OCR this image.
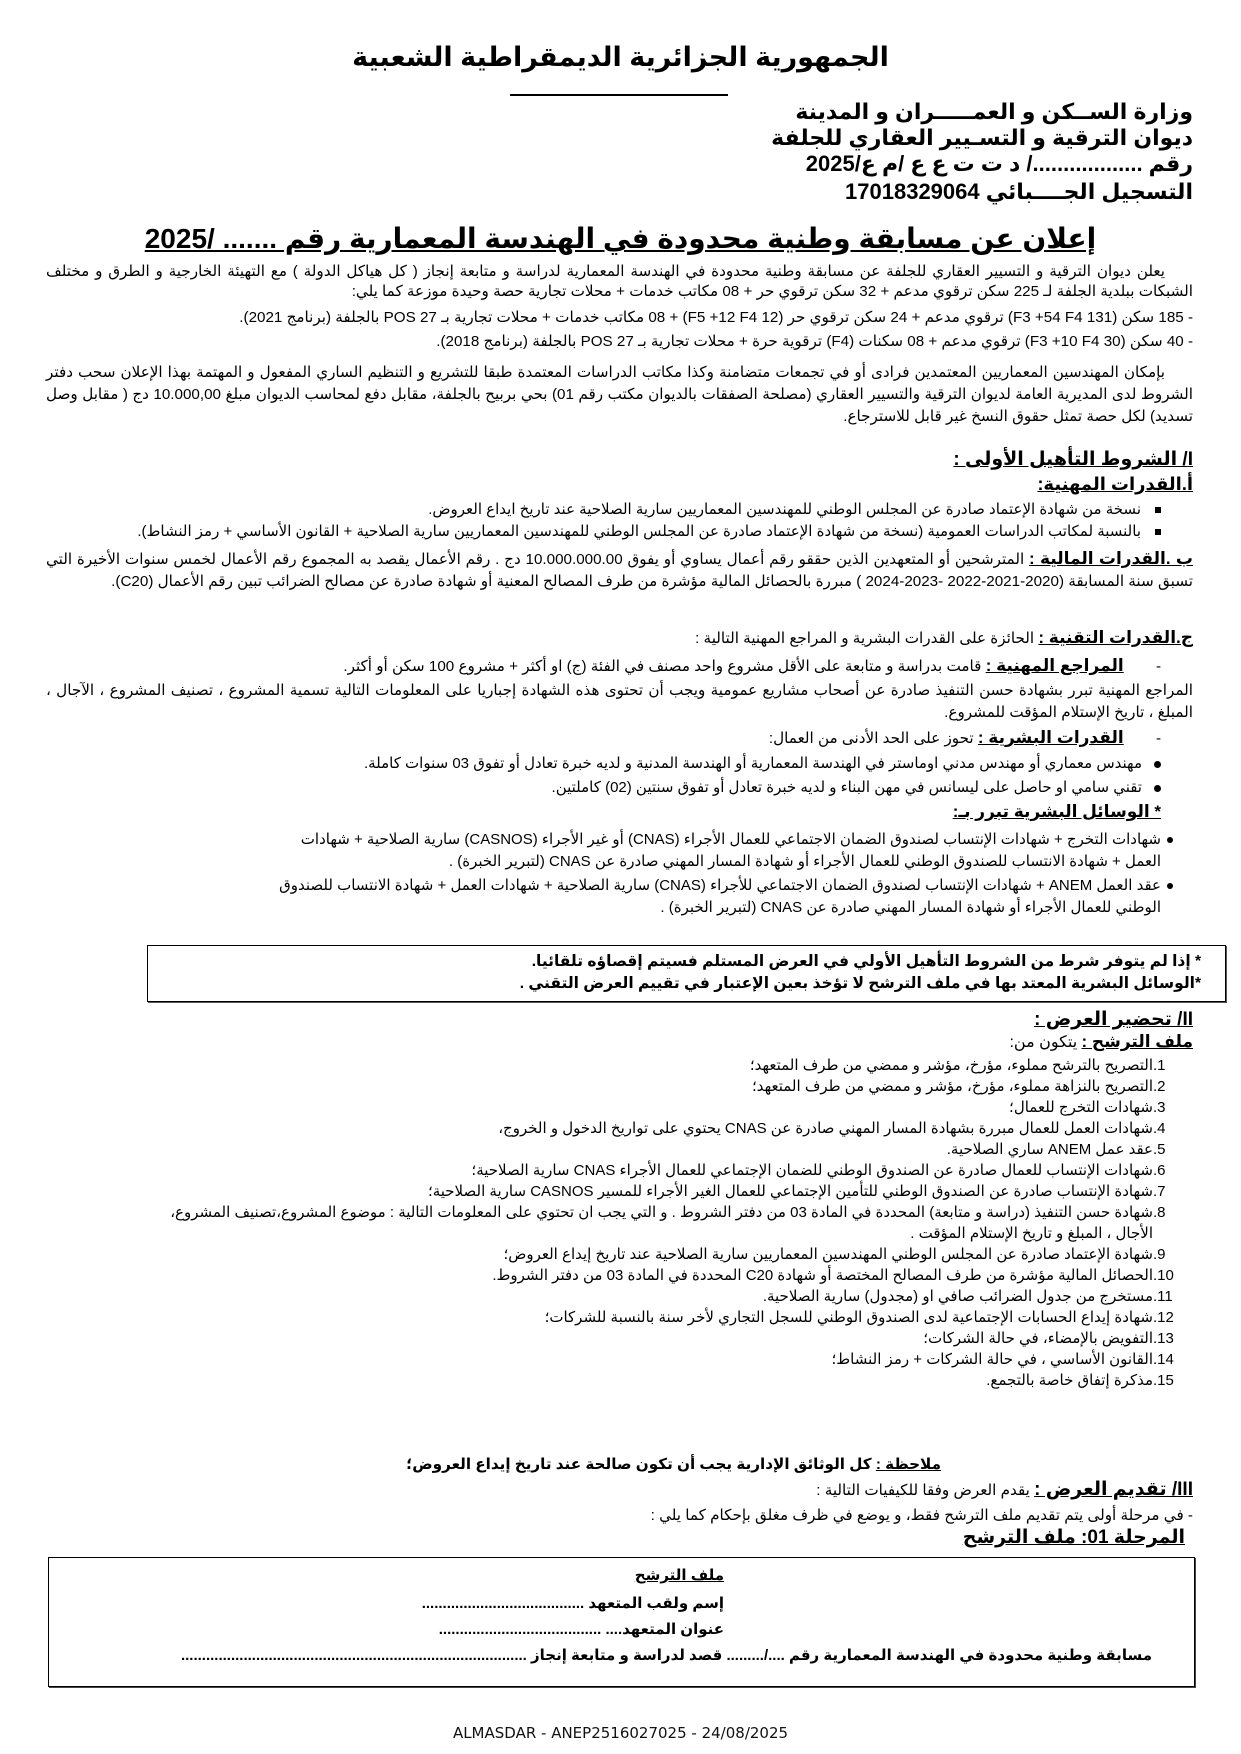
الجمهورية الجزائرية الديمقراطية الشعبية
وزارة الســكن و العمـــــران و المدينة
ديوان الترقية و التسـيير العقاري للجلفة
رقم ................../ د ت ت ع ع /م ع/2025
التسجيل الجــــبائي 17018329064
إعلان عن مسابقة وطنية محدودة في الهندسة المعمارية رقم ....... /2025
يعلن ديوان الترقية و التسيير العقاري للجلفة عن مسابقة وطنية محدودة في الهندسة المعمارية لدراسة و متابعة إنجاز ( كل هياكل الدولة ) مع التهيئة الخارجية و الطرق و مختلف الشبكات ببلدية الجلفة لـ 225 سكن ترقوي مدعم + 32 سكن ترقوي حر + 08 مكاتب خدمات + محلات تجارية حصة وحيدة موزعة كما يلي:
- 185 سكن (131 F3 +54 F4) ترقوي مدعم + 24 سكن ترقوي حر (12 F5 +12 F4) + 08 مكاتب خدمات + محلات تجارية بـ 27 POS بالجلفة (برنامج 2021).
- 40 سكن (30 F3 +10 F4) ترقوي مدعم + 08 سكنات (F4) ترقوية حرة + محلات تجارية بـ 27 POS بالجلفة (برنامج 2018).
بإمكان المهندسين المعماريين المعتمدين فرادى أو في تجمعات متضامنة وكذا مكاتب الدراسات المعتمدة طبقا للتشريع و التنظيم الساري المفعول و المهتمة بهذا الإعلان سحب دفتر الشروط لدى المديرية العامة لديوان الترقية والتسيير العقاري (مصلحة الصفقات بالديوان مكتب رقم 01) بحي بربيح بالجلفة، مقابل دفع لمحاسب الديوان مبلغ 10.000,00 دج ( مقابل وصل تسديد) لكل حصة تمثل حقوق النسخ غير قابل للاسترجاع.
I/ الشروط التأهيل الأولى :
أ.القدرات المهنية:
نسخة من شهادة الإعتماد صادرة عن المجلس الوطني للمهندسين المعماريين سارية الصلاحية عند تاريخ ايداع العروض.
بالنسبة لمكاتب الدراسات العمومية (نسخة من شهادة الإعتماد صادرة عن المجلس الوطني للمهندسين المعماريين سارية الصلاحية + القانون الأساسي + رمز النشاط).
ب .القدرات المالية : المترشحين أو المتعهدين الذين حققو رقم أعمال يساوي أو يفوق 10.000.000.00 دج . رقم الأعمال يقصد به المجموع رقم الأعمال لخمس سنوات الأخيرة التي تسبق سنة المسابقة (2020-2021-2022 -2023-2024 ) مبررة بالحصائل المالية مؤشرة من طرف المصالح المعنية أو شهادة صادرة عن مصالح الضرائب تبين رقم الأعمال (C20).
ج.القدرات التقنية : الحائزة على القدرات البشرية و المراجع المهنية التالية :
- المراجع المهنية : قامت بدراسة و متابعة على الأقل مشروع واحد مصنف في الفئة (ج) او أكثر + مشروع 100 سكن أو أكثر.
المراجع المهنية تبرر بشهادة حسن التنفيذ صادرة عن أصحاب مشاريع عمومية ويجب أن تحتوى هذه الشهادة إجباريا على المعلومات التالية تسمية المشروع ، تصنيف المشروع ، الآجال ، المبلغ ، تاريخ الإستلام المؤقت للمشروع.
- القدرات البشرية : تحوز على الحد الأدنى من العمال:
مهندس معماري أو مهندس مدني اوماستر في الهندسة المعمارية أو الهندسة المدنية و لديه خبرة تعادل أو تفوق 03 سنوات كاملة.
تقني سامي او حاصل على ليسانس في مهن البناء و لديه خبرة تعادل أو تفوق سنتين (02) كاملتين.
* الوسائل البشرية تبرر بـ:
شهادات التخرج + شهادات الإنتساب لصندوق الضمان الاجتماعي للعمال الأجراء (CNAS) أو غير الأجراء (CASNOS) سارية الصلاحية + شهادات
العمل + شهادة الانتساب للصندوق الوطني للعمال الأجراء أو شهادة المسار المهني صادرة عن CNAS (لتبرير الخبرة) .
عقد العمل ANEM + شهادات الإنتساب لصندوق الضمان الاجتماعي للأجراء (CNAS) سارية الصلاحية + شهادات العمل + شهادة الانتساب للصندوق
الوطني للعمال الأجراء أو شهادة المسار المهني صادرة عن CNAS (لتبرير الخبرة) .
* إذا لم يتوفر شرط من الشروط التأهيل الأولي في العرض المستلم فسيتم إقصاؤه تلقائيا.
*الوسائل البشرية المعتد بها في ملف الترشح لا تؤخذ بعين الإعتبار في تقييم العرض التقني .
II/ تحضير العرض :
ملف الترشح : يتكون من:
1.التصريح بالترشح مملوء، مؤرخ، مؤشر و ممضي من طرف المتعهد؛
2.التصريح بالنزاهة مملوء، مؤرخ، مؤشر و ممضي من طرف المتعهد؛
3.شهادات التخرج للعمال؛
4.شهادات العمل للعمال مبررة بشهادة المسار المهني صادرة عن CNAS يحتوي على تواريخ الدخول و الخروج،
5.عقد عمل ANEM ساري الصلاحية.
6.شهادات الإنتساب للعمال صادرة عن الصندوق الوطني للضمان الإجتماعي للعمال الأجراء CNAS سارية الصلاحية؛
7.شهادة الإنتساب صادرة عن الصندوق الوطني للتأمين الإجتماعي للعمال الغير الأجراء للمسير CASNOS سارية الصلاحية؛
8.شهادة حسن التنفيذ (دراسة و متابعة) المحددة في المادة 03 من دفتر الشروط . و التي يجب ان تحتوي على المعلومات التالية : موضوع المشروع،تصنيف المشروع،
الأجال ، المبلغ و تاريخ الإستلام المؤقت .
9.شهادة الإعتماد صادرة عن المجلس الوطني المهندسين المعماريين سارية الصلاحية عند تاريخ إيداع العروض؛
10.الحصائل المالية مؤشرة من طرف المصالح المختصة أو شهادة C20 المحددة في المادة 03 من دفتر الشروط.
11.مستخرج من جدول الضرائب صافي او (مجدول) سارية الصلاحية.
12.شهادة إيداع الحسابات الإجتماعية لدى الصندوق الوطني للسجل التجاري لأخر سنة بالنسبة للشركات؛
13.التفويض بالإمضاء، في حالة الشركات؛
14.القانون الأساسي ، في حالة الشركات + رمز النشاط؛
15.مذكرة إتفاق خاصة بالتجمع.
ملاحظة : كل الوثائق الإدارية يجب أن تكون صالحة عند تاريخ إيداع العروض؛
III/ تقديم العرض : يقدم العرض وفقا للكيفيات التالية :
- في مرحلة أولى يتم تقديم ملف الترشح فقط، و يوضع في ظرف مغلق بإحكام كما يلي :
المرحلة 01: ملف الترشح
ملف الترشح
إسم ولقب المتعهد .......................................
عنوان المتعهد.... .......................................
مسابقة وطنية محدودة في الهندسة المعمارية رقم ..../......... قصد لدراسة و متابعة إنجاز ...................................................................................
ALMASDAR - ANEP2516027025 - 24/08/2025
